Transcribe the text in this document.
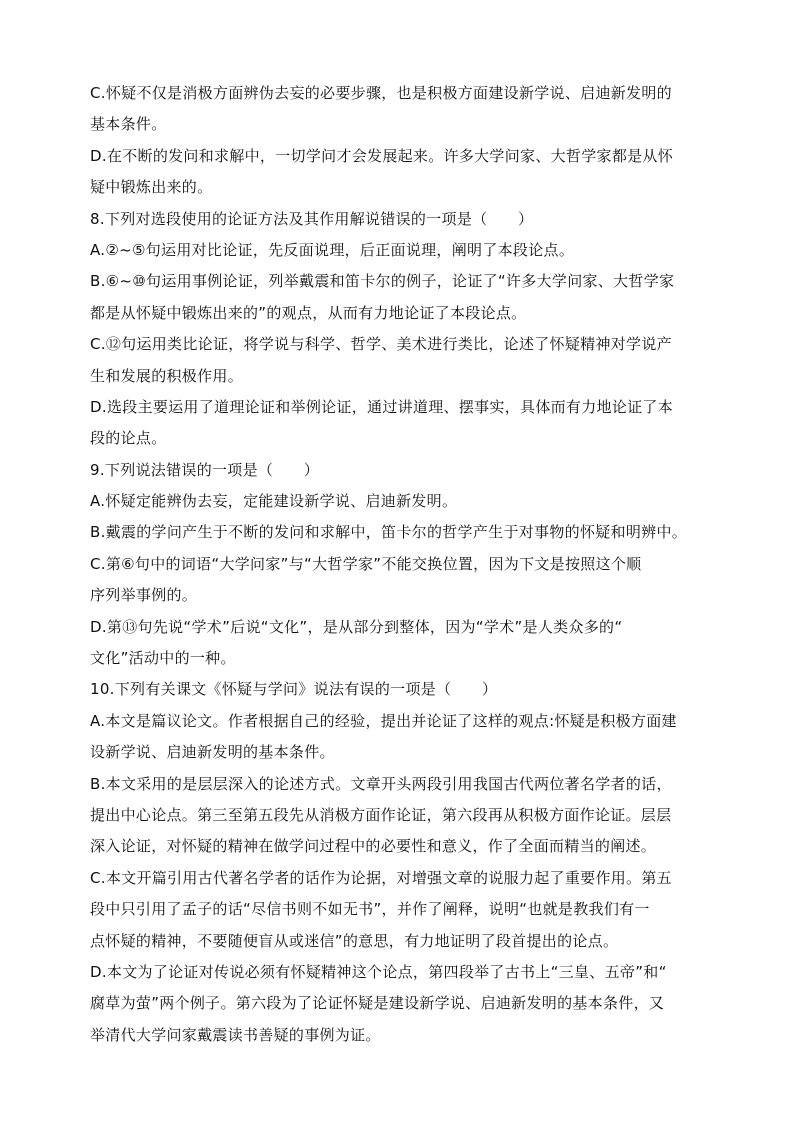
C.怀疑不仅是消极方面辨伪去妄的必要步骤，也是积极方面建设新学说、启迪新发明的
基本条件。
D.在不断的发问和求解中，一切学问才会发展起来。许多大学问家、大哲学家都是从怀
疑中锻炼出来的。
8.下列对选段使用的论证方法及其作用解说错误的一项是（　　）
A.②~⑤句运用对比论证，先反面说理，后正面说理，阐明了本段论点。
B.⑥~⑩句运用事例论证，列举戴震和笛卡尔的例子，论证了“许多大学问家、大哲学家
都是从怀疑中锻炼出来的”的观点，从而有力地论证了本段论点。
C.⑫句运用类比论证，将学说与科学、哲学、美术进行类比，论述了怀疑精神对学说产
生和发展的积极作用。
D.选段主要运用了道理论证和举例论证，通过讲道理、摆事实，具体而有力地论证了本
段的论点。
9.下列说法错误的一项是（　　）
A.怀疑定能辨伪去妄，定能建设新学说、启迪新发明。
B.戴震的学问产生于不断的发问和求解中，笛卡尔的哲学产生于对事物的怀疑和明辨中。
C.第⑥句中的词语“大学问家”与“大哲学家”不能交换位置，因为下文是按照这个顺
序列举事例的。
D.第⑬句先说“学术”后说“文化”，是从部分到整体，因为“学术”是人类众多的“
文化”活动中的一种。
10.下列有关课文《怀疑与学问》说法有误的一项是（　　）
A.本文是篇议论文。作者根据自己的经验，提出并论证了这样的观点:怀疑是积极方面建
设新学说、启迪新发明的基本条件。
B.本文采用的是层层深入的论述方式。文章开头两段引用我国古代两位著名学者的话，
提出中心论点。第三至第五段先从消极方面作论证，第六段再从积极方面作论证。层层
深入论证，对怀疑的精神在做学问过程中的必要性和意义，作了全面而精当的阐述。
C.本文开篇引用古代著名学者的话作为论据，对增强文章的说服力起了重要作用。第五
段中只引用了孟子的话“尽信书则不如无书”，并作了阐释，说明“也就是教我们有一
点怀疑的精神，不要随便盲从或迷信”的意思，有力地证明了段首提出的论点。
D.本文为了论证对传说必须有怀疑精神这个论点，第四段举了古书上“三皇、五帝”和“
腐草为萤”两个例子。第六段为了论证怀疑是建设新学说、启迪新发明的基本条件，又
举清代大学问家戴震读书善疑的事例为证。
